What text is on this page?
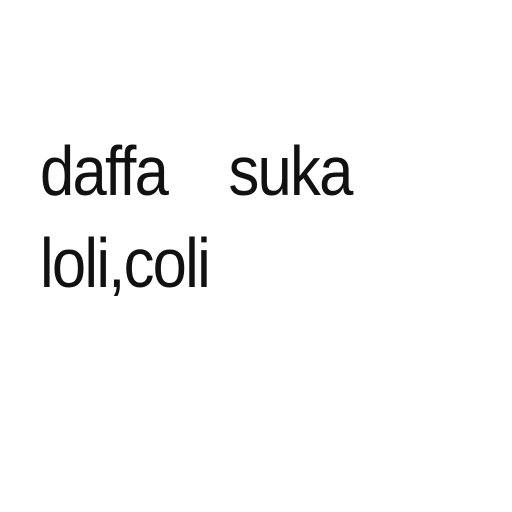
daffa    suka

loli,coli
